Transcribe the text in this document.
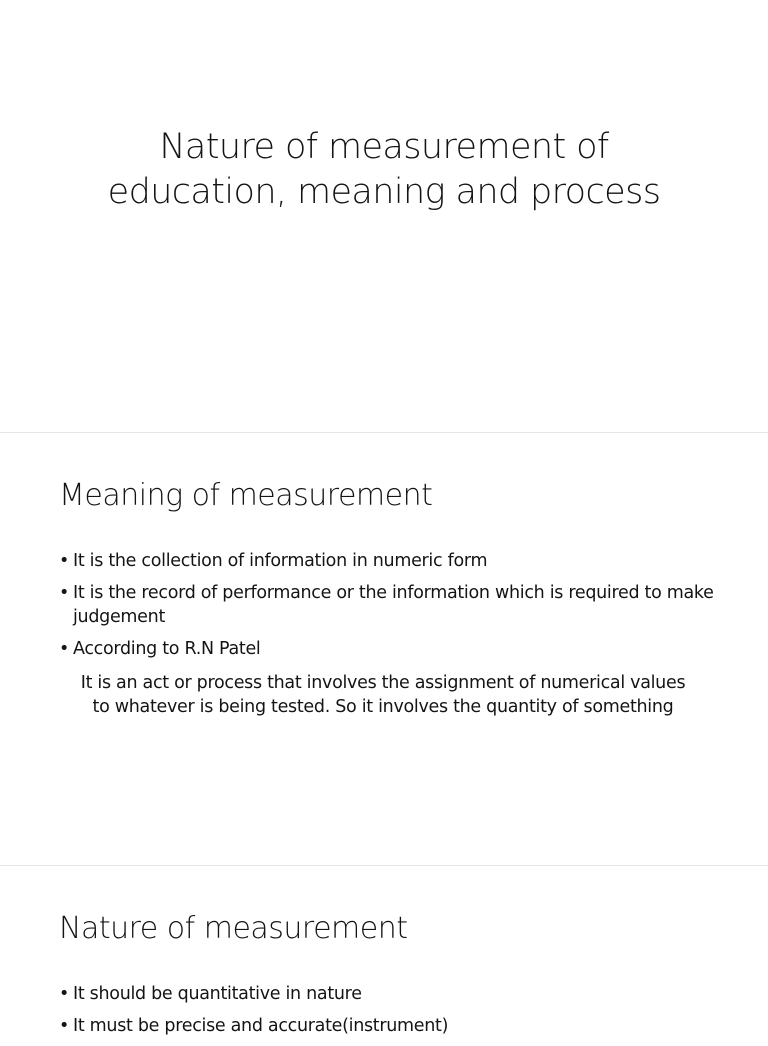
Nature of measurement of
education, meaning and process
Meaning of measurement
• It is the collection of information in numeric form
• It is the record of performance or the information which is required to make judgement
• According to R.N Patel
It is an act or process that involves the assignment of numerical values to whatever is being tested. So it involves the quantity of something
Nature of measurement
• It should be quantitative in nature
• It must be precise and accurate(instrument)
